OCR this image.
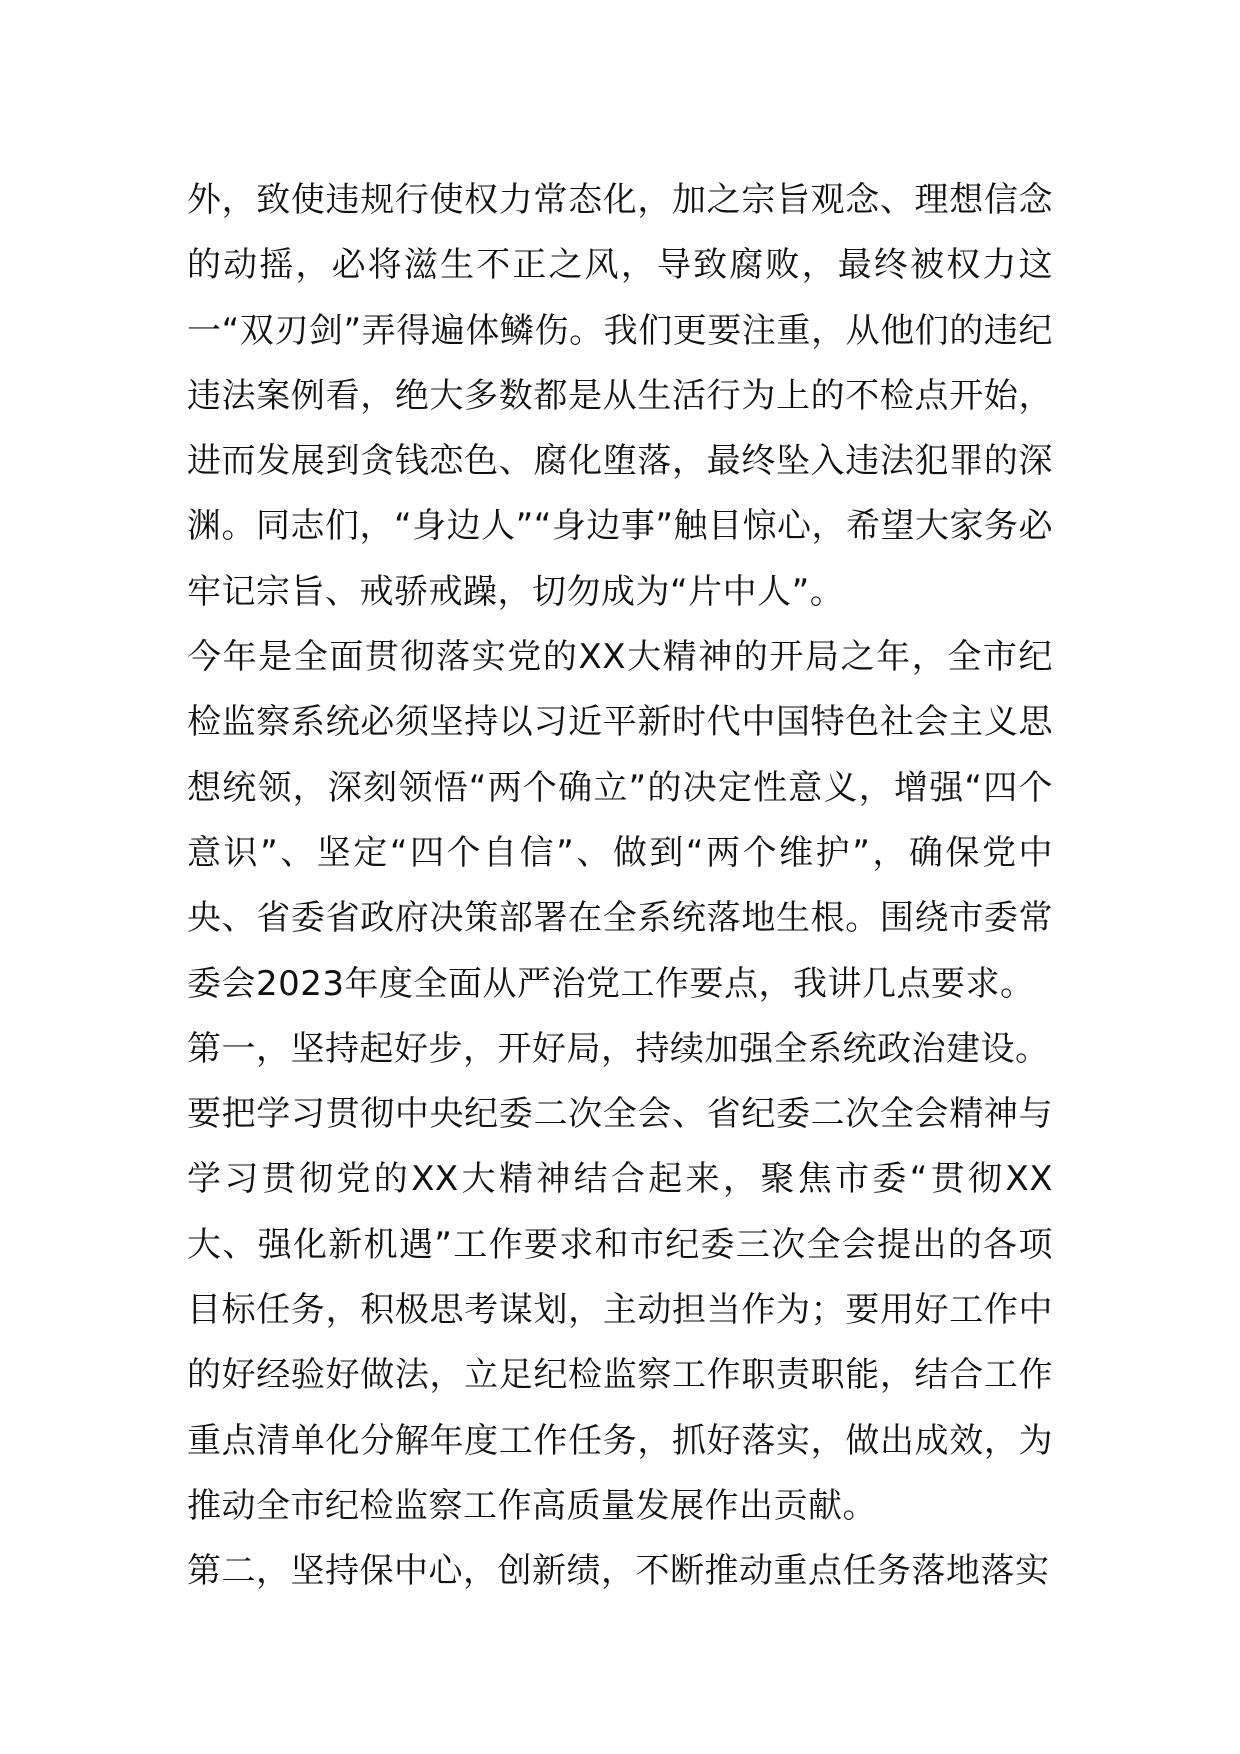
外，致使违规行使权力常态化，加之宗旨观念、理想信念的动摇，必将滋生不正之风，导致腐败，最终被权力这一“双刃剑”弄得遍体鳞伤。我们更要注重，从他们的违纪违法案例看，绝大多数都是从生活行为上的不检点开始，进而发展到贪钱恋色、腐化堕落，最终坠入违法犯罪的深渊。同志们，“身边人”“身边事”触目惊心，希望大家务必牢记宗旨、戒骄戒躁，切勿成为“片中人”。

今年是全面贯彻落实党的XX大精神的开局之年，全市纪检监察系统必须坚持以习近平新时代中国特色社会主义思想统领，深刻领悟“两个确立”的决定性意义，增强“四个意识”、坚定“四个自信”、做到“两个维护”，确保党中央、省委省政府决策部署在全系统落地生根。围绕市委常委会2023年度全面从严治党工作要点，我讲几点要求。

第一，坚持起好步，开好局，持续加强全系统政治建设。

要把学习贯彻中央纪委二次全会、省纪委二次全会精神与学习贯彻党的XX大精神结合起来，聚焦市委“贯彻XX大、强化新机遇”工作要求和市纪委三次全会提出的各项目标任务，积极思考谋划，主动担当作为；要用好工作中的好经验好做法，立足纪检监察工作职责职能，结合工作重点清单化分解年度工作任务，抓好落实，做出成效，为推动全市纪检监察工作高质量发展作出贡献。

第二，坚持保中心，创新绩，不断推动重点任务落地落实
